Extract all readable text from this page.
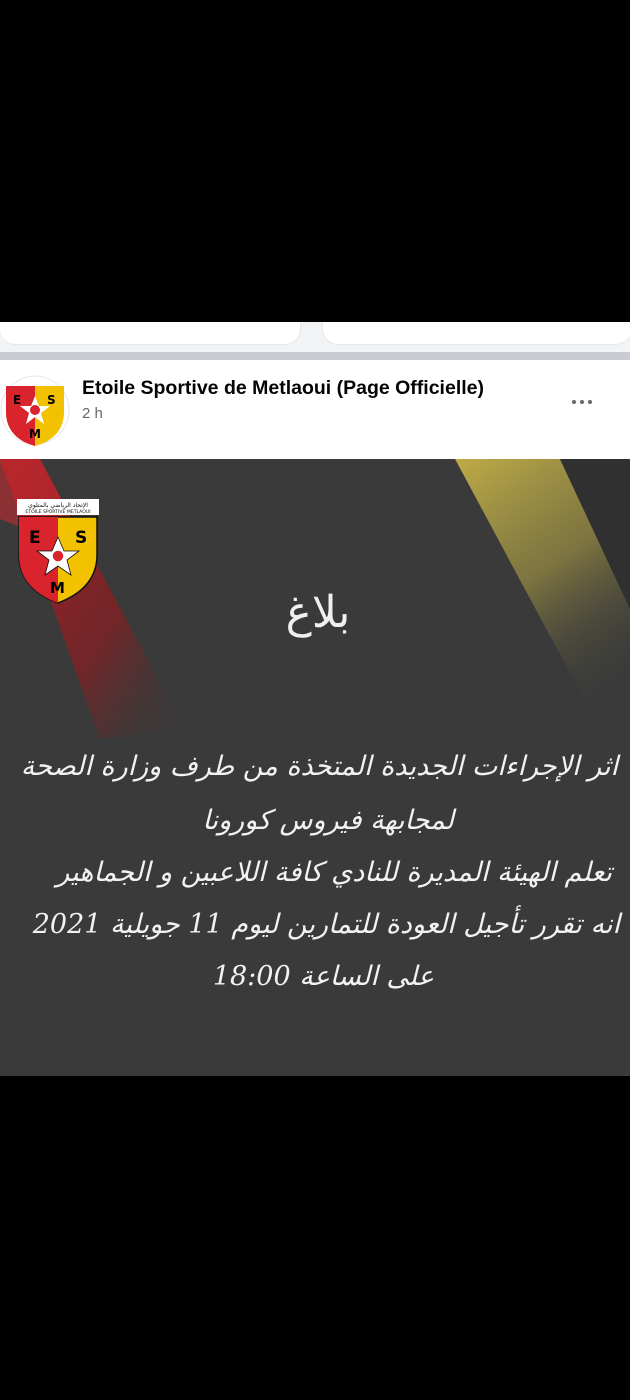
E S
M
Etoile Sportive de Metlaoui (Page Officielle)
2 h
الإتحاد الرياضي بالمتلوي
ETOILE SPORTIVE METLAOUI
E S
M	بلاغ
اثر الإجراءات الجديدة المتخذة من طرف وزارة الصحة
لمجابهة فيروس كورونا
تعلم الهيئة المديرة للنادي كافة اللاعبين و الجماهير
انه تقرر تأجيل العودة للتمارين ليوم 11 جويلية 2021
على الساعة 18:00
